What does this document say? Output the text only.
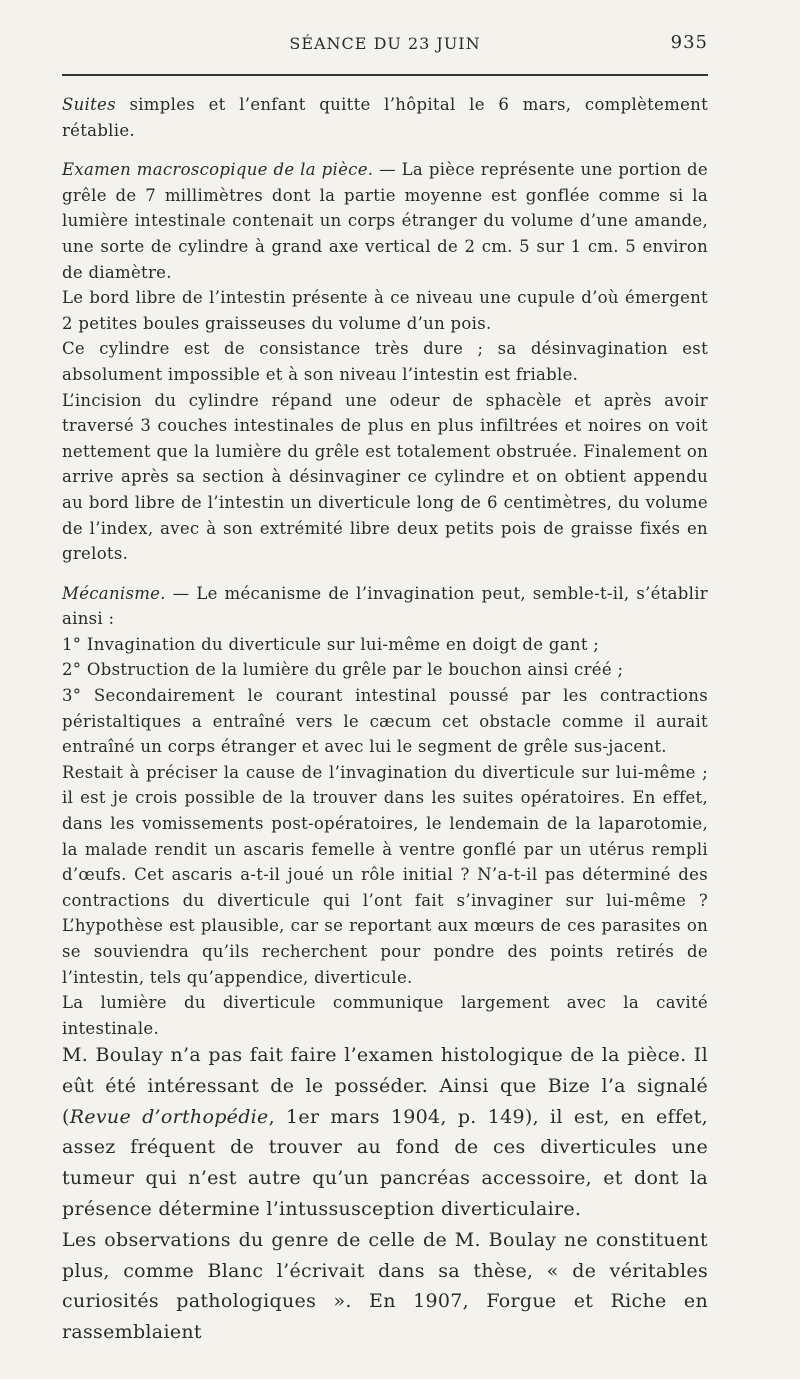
SÉANCE DU 23 JUIN	935

Suites simples et l’enfant quitte l’hôpital le 6 mars, complètement rétablie.

Examen macroscopique de la pièce. — La pièce représente une portion de grêle de 7 millimètres dont la partie moyenne est gonflée comme si la lumière intestinale contenait un corps étranger du volume d’une amande, une sorte de cylindre à grand axe vertical de 2 cm. 5 sur 1 cm. 5 environ de diamètre.

Le bord libre de l’intestin présente à ce niveau une cupule d’où émergent 2 petites boules graisseuses du volume d’un pois.

Ce cylindre est de consistance très dure ; sa désinvagination est absolument impossible et à son niveau l’intestin est friable.

L’incision du cylindre répand une odeur de sphacèle et après avoir traversé 3 couches intestinales de plus en plus infiltrées et noires on voit nettement que la lumière du grêle est totalement obstruée. Finalement on arrive après sa section à désinvaginer ce cylindre et on obtient appendu au bord libre de l’intestin un diverticule long de 6 centimètres, du volume de l’index, avec à son extrémité libre deux petits pois de graisse fixés en grelots.

Mécanisme. — Le mécanisme de l’invagination peut, semble-t-il, s’établir ainsi :

1° Invagination du diverticule sur lui-même en doigt de gant ;

2° Obstruction de la lumière du grêle par le bouchon ainsi créé ;

3° Secondairement le courant intestinal poussé par les contractions péristaltiques a entraîné vers le cæcum cet obstacle comme il aurait entraîné un corps étranger et avec lui le segment de grêle sus-jacent.

Restait à préciser la cause de l’invagination du diverticule sur lui-même ; il est je crois possible de la trouver dans les suites opératoires. En effet, dans les vomissements post-opératoires, le lendemain de la laparotomie, la malade rendit un ascaris femelle à ventre gonflé par un utérus rempli d’œufs. Cet ascaris a-t-il joué un rôle initial ? N’a-t-il pas déterminé des contractions du diverticule qui l’ont fait s’invaginer sur lui-même ? L’hypothèse est plausible, car se reportant aux mœurs de ces parasites on se souviendra qu’ils recherchent pour pondre des points retirés de l’intestin, tels qu’appendice, diverticule.

La lumière du diverticule communique largement avec la cavité intestinale.

M. Boulay n’a pas fait faire l’examen histologique de la pièce. Il eût été intéressant de le posséder. Ainsi que Bize l’a signalé (Revue d’orthopédie, 1er mars 1904, p. 149), il est, en effet, assez fréquent de trouver au fond de ces diverticules une tumeur qui n’est autre qu’un pancréas accessoire, et dont la présence détermine l’intussusception diverticulaire.

Les observations du genre de celle de M. Boulay ne constituent plus, comme Blanc l’écrivait dans sa thèse, « de véritables curiosités pathologiques ». En 1907, Forgue et Riche en rassemblaient
